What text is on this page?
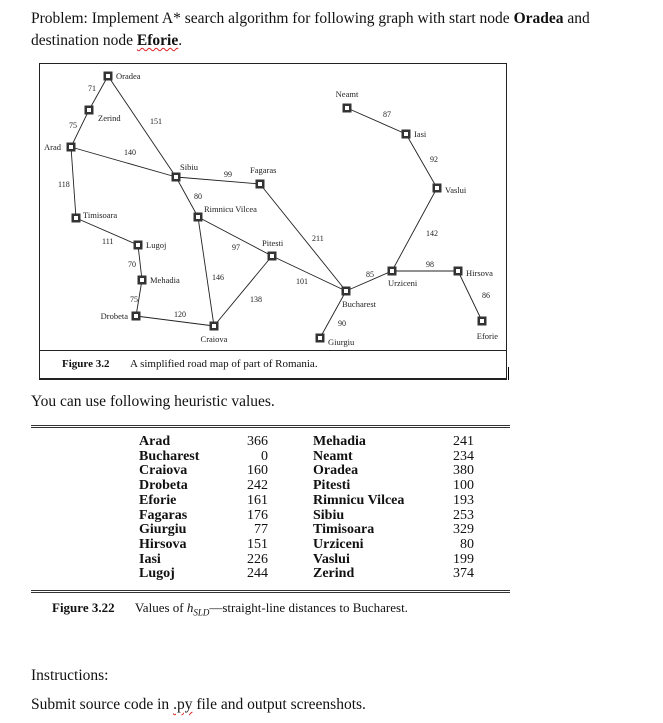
Problem: Implement A* search algorithm for following graph with start node Oradea and destination node Eforie.
71
75	151
140
118
111
70
75
120
99
80
97
146
138
211
101
90
85
98
86
142
92
87
Oradea
Zerind
Arad
Timisoara
Lugoj
Mehadia
Drobeta
Craiova
Sibiu
Rimnicu Vilcea
Fagaras
Pitesti
Bucharest
Giurgiu
Urziceni
Hirsova
Eforie
Vaslui
Iasi
Neamt
Figure 3.2 A simplified road map of part of Romania.
You can use following heuristic values.
Arad
Bucharest
Craiova
Drobeta
Eforie
Fagaras
Giurgiu
Hirsova
Iasi
Lugoj
366
0
160
242
161
176
77
151
226
244
Mehadia
Neamt
Oradea
Pitesti
Rimnicu Vilcea
Sibiu
Timisoara
Urziceni
Vaslui
Zerind
241
234
380
100
193
253
329
80
199
374
Figure 3.22 Values of $h_{SLD}—straight$-line distances to Bucharest.
Instructions:
Submit source code in .py file and output screenshots.
